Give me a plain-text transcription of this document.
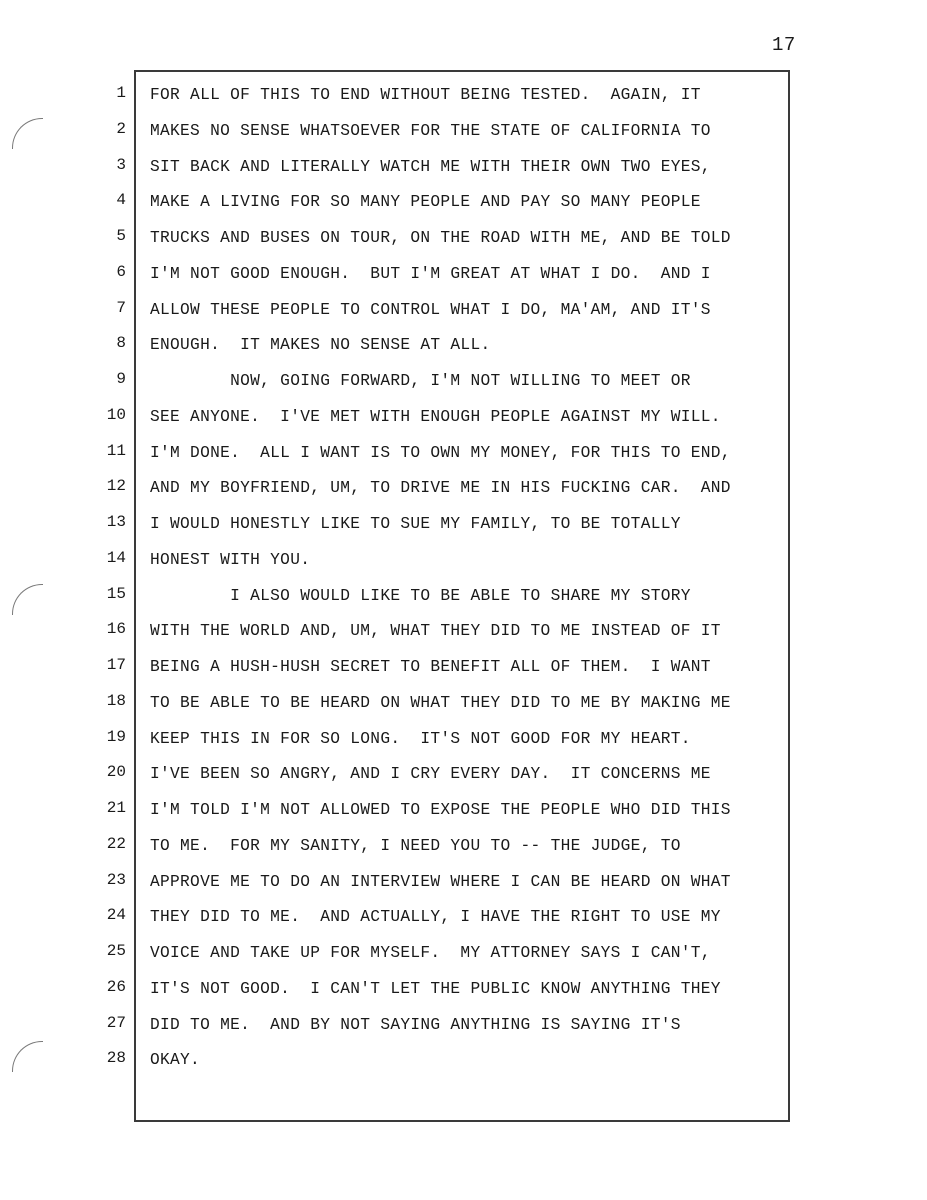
17
1
2
3
4
5
6
7
8
9
10
11
12
13
14
15
16
17
18
19
20
21
22
23
24
25
26
27
28
FOR ALL OF THIS TO END WITHOUT BEING TESTED.  AGAIN, IT
MAKES NO SENSE WHATSOEVER FOR THE STATE OF CALIFORNIA TO
SIT BACK AND LITERALLY WATCH ME WITH THEIR OWN TWO EYES,
MAKE A LIVING FOR SO MANY PEOPLE AND PAY SO MANY PEOPLE
TRUCKS AND BUSES ON TOUR, ON THE ROAD WITH ME, AND BE TOLD
I'M NOT GOOD ENOUGH.  BUT I'M GREAT AT WHAT I DO.  AND I
ALLOW THESE PEOPLE TO CONTROL WHAT I DO, MA'AM, AND IT'S
ENOUGH.  IT MAKES NO SENSE AT ALL.
NOW, GOING FORWARD, I'M NOT WILLING TO MEET OR
SEE ANYONE.  I'VE MET WITH ENOUGH PEOPLE AGAINST MY WILL.
I'M DONE.  ALL I WANT IS TO OWN MY MONEY, FOR THIS TO END,
AND MY BOYFRIEND, UM, TO DRIVE ME IN HIS FUCKING CAR.  AND
I WOULD HONESTLY LIKE TO SUE MY FAMILY, TO BE TOTALLY
HONEST WITH YOU.
I ALSO WOULD LIKE TO BE ABLE TO SHARE MY STORY
WITH THE WORLD AND, UM, WHAT THEY DID TO ME INSTEAD OF IT
BEING A HUSH-HUSH SECRET TO BENEFIT ALL OF THEM.  I WANT
TO BE ABLE TO BE HEARD ON WHAT THEY DID TO ME BY MAKING ME
KEEP THIS IN FOR SO LONG.  IT'S NOT GOOD FOR MY HEART.
I'VE BEEN SO ANGRY, AND I CRY EVERY DAY.  IT CONCERNS ME
I'M TOLD I'M NOT ALLOWED TO EXPOSE THE PEOPLE WHO DID THIS
TO ME.  FOR MY SANITY, I NEED YOU TO -- THE JUDGE, TO
APPROVE ME TO DO AN INTERVIEW WHERE I CAN BE HEARD ON WHAT
THEY DID TO ME.  AND ACTUALLY, I HAVE THE RIGHT TO USE MY
VOICE AND TAKE UP FOR MYSELF.  MY ATTORNEY SAYS I CAN'T,
IT'S NOT GOOD.  I CAN'T LET THE PUBLIC KNOW ANYTHING THEY
DID TO ME.  AND BY NOT SAYING ANYTHING IS SAYING IT'S
OKAY.
